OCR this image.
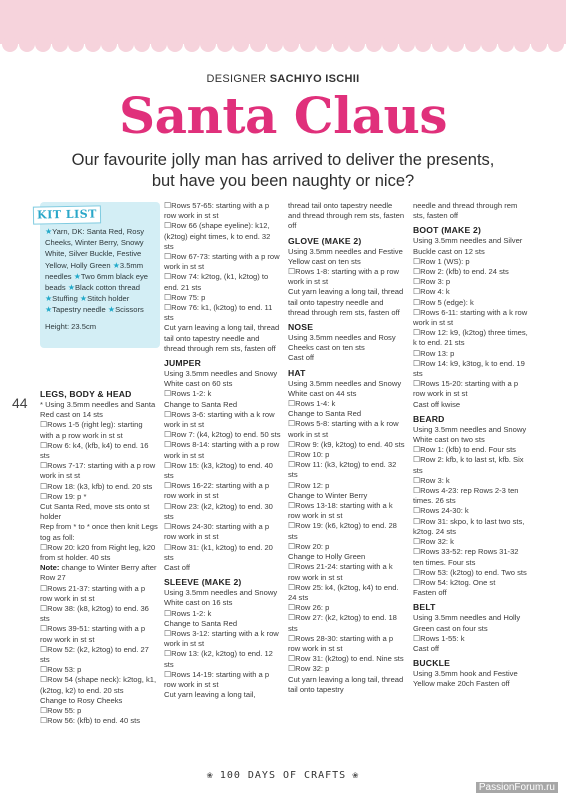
DESIGNER SACHIYO ISCHII
Santa Claus
Our favourite jolly man has arrived to deliver the presents, but have you been naughty or nice?
★Yarn, DK: Santa Red, Rosy Cheeks, Winter Berry, Snowy White, Silver Buckle, Festive Yellow, Holly Green ★3.5mm needles ★Two 6mm black eye beads ★Black cotton thread ★Stuffing ★Stitch holder ★Tapestry needle ★Scissors
Height: 23.5cm
KIT LIST
44
LEGS, BODY & HEAD
* Using 3.5mm needles and Santa Red cast on 14 sts
☐ Rows 1-5 (right leg): starting with a p row work in st st
☐ Row 6: k4, (kfb, k4) to end. 16 sts
☐ Rows 7-17: starting with a p row work in st st
☐ Row 18: (k3, kfb) to end. 20 sts
☐ Row 19: p *
Cut Santa Red, move sts onto st holder
Rep from * to * once then knit Legs tog as foll:
☐ Row 20: k20 from Right leg, k20 from st holder. 40 sts
Note: change to Winter Berry after Row 27
☐ Rows 21-37: starting with a p row work in st st
☐ Row 38: (k8, k2tog) to end. 36 sts
☐ Rows 39-51: starting with a p row work in st st
☐ Row 52: (k2, k2tog) to end. 27 sts
☐ Row 53: p
☐ Row 54 (shape neck): k2tog, k1, (k2tog, k2) to end. 20 sts
Change to Rosy Cheeks
☐ Row 55: p
☐ Row 56: (kfb) to end. 40 sts
☐ Rows 57-65: starting with a p row work in st st
☐ Row 66 (shape eyeline): k12, (k2tog) eight times, k to end. 32 sts
☐ Row 67-73: starting with a p row work in st st
☐ Row 74: k2tog, (k1, k2tog) to end. 21 sts
☐ Row 75: p
☐ Row 76: k1, (k2tog) to end. 11 sts
Cut yarn leaving a long tail, thread tail onto tapestry needle and thread through rem sts, fasten off
JUMPER
Using 3.5mm needles and Snowy White cast on 60 sts
☐ Rows 1-2: k
Change to Santa Red
☐ Rows 3-6: starting with a k row work in st st
☐ Row 7: (k4, k2tog) to end. 50 sts
☐ Rows 8-14: starting with a p row work in st st
☐ Row 15: (k3, k2tog) to end. 40 sts
☐ Rows 16-22: starting with a p row work in st st
☐ Row 23: (k2, k2tog) to end. 30 sts
☐ Rows 24-30: starting with a p row work in st st
☐ Row 31: (k1, k2tog) to end. 20 sts
Cast off
SLEEVE (MAKE 2)
Using 3.5mm needles and Snowy White cast on 16 sts
☐ Rows 1-2: k
Change to Santa Red
☐ Rows 3-12: starting with a k row work in st st
☐ Row 13: (k2, k2tog) to end. 12 sts
☐ Rows 14-19: starting with a p row work in st st
Cut yarn leaving a long tail,
thread tail onto tapestry needle and thread through rem sts, fasten off
GLOVE (MAKE 2)
Using 3.5mm needles and Festive Yellow cast on ten sts
☐ Rows 1-8: starting with a p row work in st st
Cut yarn leaving a long tail, thread tail onto tapestry needle and thread through rem sts, fasten off
NOSE
Using 3.5mm needles and Rosy Cheeks cast on ten sts
Cast off
HAT
Using 3.5mm needles and Snowy White cast on 44 sts
☐ Rows 1-4: k
Change to Santa Red
☐ Rows 5-8: starting with a k row work in st st
☐ Row 9: (k9, k2tog) to end. 40 sts
☐ Row 10: p
☐ Row 11: (k3, k2tog) to end. 32 sts
☐ Row 12: p
Change to Winter Berry
☐ Rows 13-18: starting with a k row work in st st
☐ Row 19: (k6, k2tog) to end. 28 sts
☐ Row 20: p
Change to Holly Green
☐ Rows 21-24: starting with a k row work in st st
☐ Row 25: k4, (k2tog, k4) to end. 24 sts
☐ Row 26: p
☐ Row 27: (k2, k2tog) to end. 18 sts
☐ Rows 28-30: starting with a p row work in st st
☐ Row 31: (k2tog) to end. Nine sts
☐ Row 32: p
Cut yarn leaving a long tail, thread tail onto tapestry
needle and thread through rem sts, fasten off
BOOT (MAKE 2)
Using 3.5mm needles and Silver Buckle cast on 12 sts
☐ Row 1 (WS): p
☐ Row 2: (kfb) to end. 24 sts
☐ Row 3: p
☐ Row 4: k
☐ Row 5 (edge): k
☐ Rows 6-11: starting with a k row work in st st
☐ Row 12: k9, (k2tog) three times, k to end. 21 sts
☐ Row 13: p
☐ Row 14: k9, k3tog, k to end. 19 sts
☐ Rows 15-20: starting with a p row work in st st
Cast off kwise
BEARD
Using 3.5mm needles and Snowy White cast on two sts
☐ Row 1: (kfb) to end. Four sts
☐ Row 2: kfb, k to last st, kfb. Six sts
☐ Row 3: k
☐ Rows 4-23: rep Rows 2-3 ten times. 26 sts
☐ Rows 24-30: k
☐ Row 31: skpo, k to last two sts, k2tog. 24 sts
☐ Row 32: k
☐ Rows 33-52: rep Rows 31-32 ten times. Four sts
☐ Row 53: (k2tog) to end. Two sts
☐ Row 54: k2tog. One st
Fasten off
BELT
Using 3.5mm needles and Holly Green cast on four sts
☐ Rows 1-55: k
Cast off
BUCKLE
Using 3.5mm hook and Festive Yellow make 20ch Fasten off
❀ 100 DAYS OF CRAFTS ❀
PassionForum.ru
